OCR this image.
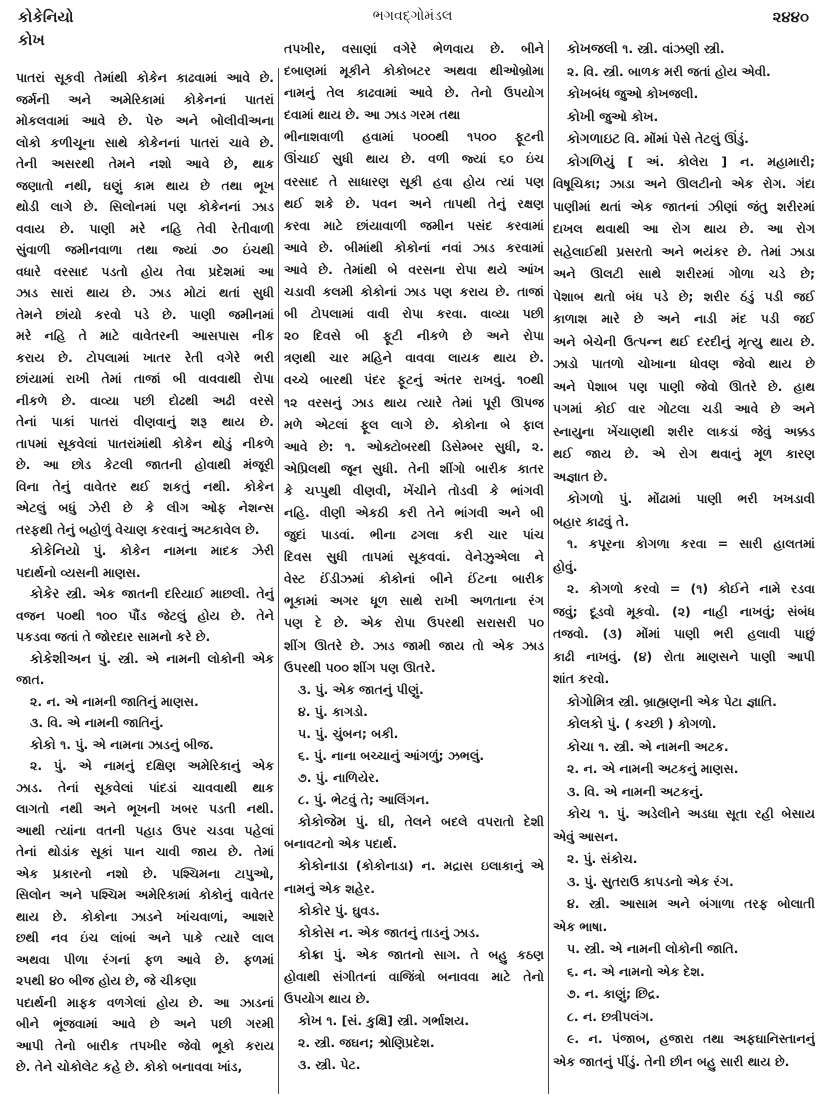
કોકેનિયો
કોખ
ભગવદ્ગોમંડલ	૨૪૪૦
પાતરાં સૂકવી તેમાંથી કોકેન કાઢવામાં આવે છે.
જર્મની અને અમેરિકામાં કોકેનનાં પાતરાં
મોકલવામાં આવે છે. પેરુ અને બોલીવીઅના
લોકો કળીચૂના સાથે કોકેનનાં પાતરાં ચાવે છે.
તેની અસરથી તેમને નશો આવે છે, થાક
જણાતો નથી, ઘણું કામ થાય છે તથા ભૂખ
થોડી લાગે છે. સિલોનમાં પણ કોકેનનાં ઝાડ
વવાય છે. પાણી મરે નહિ તેવી રેતીવાળી
સુંવાળી જમીનવાળા તથા જ્યાં ૭૦ ઇંચથી
વધારે વરસાદ પડતો હોય તેવા પ્રદેશમાં આ
ઝાડ સારાં થાય છે. ઝાડ મોટાં થતાં સુધી
તેમને છાંયો કરવો પડે છે. પાણી જમીનમાં
મરે નહિ તે માટે વાવેતરની આસપાસ નીક
કરાય છે. ટોપલામાં ખાતર રેતી વગેરે ભરી
છાંયામાં રાખી તેમાં તાજાં બી વાવવાથી રોપા
નીકળે છે. વાવ્યા પછી દોઢથી અઢી વરસે
તેનાં પાકાં પાતરાં વીણવાનું શરૂ થાય છે.
તાપમાં સૂકવેલાં પાતરાંમાંથી કોકેન થોડું નીકળે
છે. આ છોડ કેટલી જાતની હોવાથી મંજૂરી
વિના તેનું વાવેતર થઈ શકતું નથી. કોકેન
એટલું બધું ઝેરી છે કે લીગ ઓફ નેશન્સ
તરફથી તેનું બહોળું વેચાણ કરવાનું અટકાવેલ છે.
કોકેનિયો પું. કોકેન નામના માદક ઝેરી
પદાર્થનો વ્યસની માણસ.
કોકેર સ્ત્રી. એક જાતની દરિયાઈ માછલી. તેનું
વજન ૫૦થી ૧૦૦ પૌંડ જેટલું હોય છે. તેને
પકડવા જતાં તે જોરદાર સામનો કરે છે.
કોકેશીઅન પું. સ્ત્રી. એ નામની લોકોની એક
જાત.
૨. ન. એ નામની જાતિનું માણસ.
૩. વિ. એ નામની જાતિનું.
કોકો ૧. પું. એ નામના ઝાડનું બીજ.
૨. પું. એ નામનું દક્ષિણ અમેરિકાનું એક
ઝાડ. તેનાં સૂકવેલાં પાંદડાં ચાવવાથી થાક
લાગતો નથી અને ભૂખની ખબર પડતી નથી.
આથી ત્યાંના વતની પહાડ ઉપર ચડવા પહેલાં
તેનાં થોડાંક સૂકાં પાન ચાવી જાય છે. તેમાં
એક પ્રકારનો નશો છે. પશ્ચિમના ટાપુઓ,
સિલોન અને પશ્ચિમ અમેરિકામાં કોકોનું વાવેતર
થાય છે. કોકોના ઝાડને ખાંચવાળાં, આશરે
છથી નવ ઇંચ લાંબાં અને પાકે ત્યારે લાલ
અથવા પીળા રંગનાં ફળ આવે છે. ફળમાં
૨૫થી ૪૦ બીજ હોય છે, જે ચીકણા
પદાર્થની માફક વળગેલાં હોય છે. આ ઝાડનાં
બીને ભૂંજવામાં આવે છે અને પછી ગરમી
આપી તેનો બારીક તપખીર જેવો ભૂકો કરાય
છે. તેને ચોકોલેટ કહે છે. કોકો બનાવવા ખાંડ,
તપખીર, વસાણાં વગેરે ભેળવાય છે. બીને
દબાણમાં મૂકીને કોકોબટર અથવા થીઓબ્રોમા
નામનું તેલ કાઢવામાં આવે છે. તેનો ઉપયોગ
દવામાં થાય છે. આ ઝાડ ગરમ તથા
ભીનાશવાળી હવામાં ૫૦૦થી ૧૫૦૦ ફૂટની
ઊંચાઈ સુધી થાય છે. વળી જ્યાં ૬૦ ઇંચ
વરસાદ તે સાધારણ સૂકી હવા હોય ત્યાં પણ
થઈ શકે છે. પવન અને તાપથી તેનું રક્ષણ
કરવા માટે છાંયાવાળી જમીન પસંદ કરવામાં
આવે છે. બીમાંથી કોકોનાં નવાં ઝાડ કરવામાં
આવે છે. તેમાંથી બે વરસના રોપા થયે આંખ
ચડાવી કલમી કોકોનાં ઝાડ પણ કરાય છે. તાજાં
બી ટોપલામાં વાવી રોપા કરવા. વાવ્યા પછી
૨૦ દિવસે બી ફૂટી નીકળે છે અને રોપા
ત્રણથી ચાર મહિને વાવવા લાયક થાય છે.
વચ્ચે બારથી પંદર ફૂટનું અંતર રાખવું. ૧૦થી
૧૨ વરસનું ઝાડ થાય ત્યારે તેમાં પૂરી ઊપજ
મળે એટલાં ફૂલ લાગે છે. કોકોના બે ફાલ
આવે છે: ૧. ઓક્ટોબરથી ડિસેમ્બર સુધી, ૨.
એપ્રિલથી જૂન સુધી. તેની શીંગો બારીક કાતર
કે ચપ્પુથી વીણવી, ખેંચીને તોડવી કે ભાંગવી
નહિ. વીણી એકઠી કરી તેને ભાંગવી અને બી
જુદાં પાડવાં. ભીના ઢગલા કરી ચાર પાંચ
દિવસ સુધી તાપમાં સૂકવવાં. વેનેઝુએલા ને
વેસ્ટ ઈંડીઝમાં કોકોનાં બીને ઈંટના બારીક
ભૂકામાં અગર ધૂળ સાથે રાખી અળતાના રંગ
પણ દે છે. એક રોપા ઉપરથી સરાસરી ૫૦
શીંગ ઊતરે છે. ઝાડ જામી જાય તો એક ઝાડ
ઉપરથી ૫૦૦ શીંગ પણ ઊતરે.
૩. પું. એક જાતનું પીણું.
૪. પું. કાગડો.
૫. પું. ચુંબન; બકી.
૬. પું. નાના બચ્ચાનું આંગળું; ઝભલું.
૭. પું. નાળિયેર.
૮. પું. ભેટવું તે; આલિંગન.
કોકોજેમ પું. ઘી, તેલને બદલે વપરાતો દેશી
બનાવટનો એક પદાર્થ.
કોકોનાડા (કોકોનાડા) ન. મદ્રાસ ઇલાકાનું એ
નામનું એક શહેર.
કોકોર પું. ઘુવડ.
કોકોસ ન. એક જાતનું તાડનું ઝાડ.
કોક્રા પું. એક જાતનો સાગ. તે બહુ કઠણ
હોવાથી સંગીતનાં વાજિંત્રો બનાવવા માટે તેનો
ઉપયોગ થાય છે.
કોખ ૧. [સં. કુક્ષિ] સ્ત્રી. ગર્ભાશય.
૨. સ્ત્રી. જઘન; શ્રોણિપ્રદેશ.
૩. સ્ત્રી. પેટ.
કોખજલી ૧. સ્ત્રી. વાંઝણી સ્ત્રી.
૨. વિ. સ્ત્રી. બાળક મરી જતાં હોય એવી.
કોખબંધ જુઓ કોખજલી.
કોખી જુઓ કોખ.
કોગળાઇટ વિ. મોંમાં પેસે તેટલું ઊંડું.
કોગળિયું [ અં. કોલેરા ] ન. મહામારી;
વિષૂચિકા; ઝાડા અને ઊલટીનો એક રોગ. ગંદા
પાણીમાં થતાં એક જાતનાં ઝીણાં જંતુ શરીરમાં
દાખલ થવાથી આ રોગ થાય છે. આ રોગ
સહેલાઈથી પ્રસરતો અને ભયંકર છે. તેમાં ઝાડા
અને ઊલટી સાથે શરીરમાં ગોળા ચડે છે;
પેશાબ થતો બંધ પડે છે; શરીર ઠંડું પડી જઈ
કાળાશ મારે છે અને નાડી મંદ પડી જઈ
અને બેચેની ઉત્પન્ન થઈ દરદીનું મૃત્યુ થાય છે.
ઝાડો પાતળો ચોખાના ધોવણ જેવો થાય છે
અને પેશાબ પણ પાણી જેવો ઊતરે છે. હાથ
પગમાં કોઈ વાર ગોટલા ચડી આવે છે અને
સ્નાયુના ખેંચાણથી શરીર લાકડાં જેવું અક્કડ
થઈ જાય છે. એ રોગ થવાનું મૂળ કારણ
અજ્ઞાત છે.
કોગળો પું. મોંઢામાં પાણી ભરી ખખડાવી
બહાર કાઢવું તે.
૧. કપૂરના કોગળા કરવા = સારી હાલતમાં
હોવું.
૨. કોગળો કરવો = (૧) કોઈને નામે રડવા
જવું; દૂડવો મૂકવો. (૨) નાહી નાખવું; સંબંધ
તજવો. (૩) મોંમાં પાણી ભરી હલાવી પાછું
કાઢી નાખવું. (૪) રોતા માણસને પાણી આપી
શાંત કરવો.
કોગોમિત્ર સ્ત્રી. બ્રાહ્મણની એક પેટા જ્ઞાતિ.
કોલકો પું. ( કચ્છી ) કોગળો.
કોચા ૧. સ્ત્રી. એ નામની અટક.
૨. ન. એ નામની અટકનું માણસ.
૩. વિ. એ નામની અટકનું.
કોચ ૧. પું. અડેલીને અડધા સૂતા રહી બેસાય
એવું આસન.
૨. પું. સંકોચ.
૩. પું. સુતરાઉ કાપડનો એક રંગ.
૪. સ્ત્રી. આસામ અને બંગાળા તરફ બોલાતી
એક ભાષા.
૫. સ્ત્રી. એ નામની લોકોની જાતિ.
૬. ન. એ નામનો એક દેશ.
૭. ન. કાણું; છિદ્ર.
૮. ન. છત્રીપલંગ.
૯. ન. પંજાબ, હજારા તથા અફઘાનિસ્તાનનું
એક જાતનું પીંડું. તેની છીન બહુ સારી થાય છે.
